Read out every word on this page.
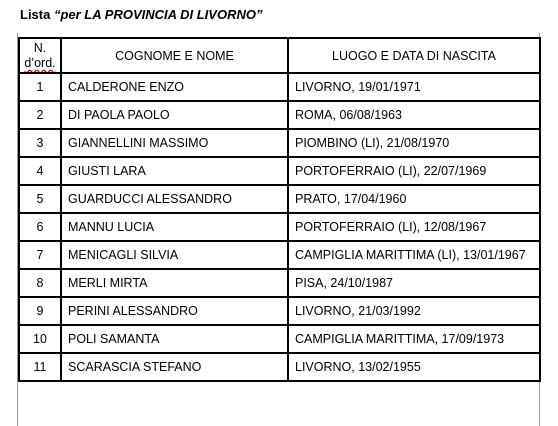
Lista “per LA PROVINCIA DI LIVORNO”
N.
d’ord.	COGNOME E NOME	LUOGO E DATA DI NASCITA
1	CALDERONE ENZO	LIVORNO, 19/01/1971
2	DI PAOLA PAOLO	ROMA, 06/08/1963
3	GIANNELLINI MASSIMO	PIOMBINO (LI), 21/08/1970
4	GIUSTI LARA	PORTOFERRAIO (LI), 22/07/1969
5	GUARDUCCI ALESSANDRO	PRATO, 17/04/1960
6	MANNU LUCIA	PORTOFERRAIO (LI), 12/08/1967
7	MENICAGLI SILVIA	CAMPIGLIA MARITTIMA (LI), 13/01/1967
8	MERLI MIRTA	PISA, 24/10/1987
9	PERINI ALESSANDRO	LIVORNO, 21/03/1992
10	POLI SAMANTA	CAMPIGLIA MARITTIMA, 17/09/1973
11	SCARASCIA STEFANO	LIVORNO, 13/02/1955
